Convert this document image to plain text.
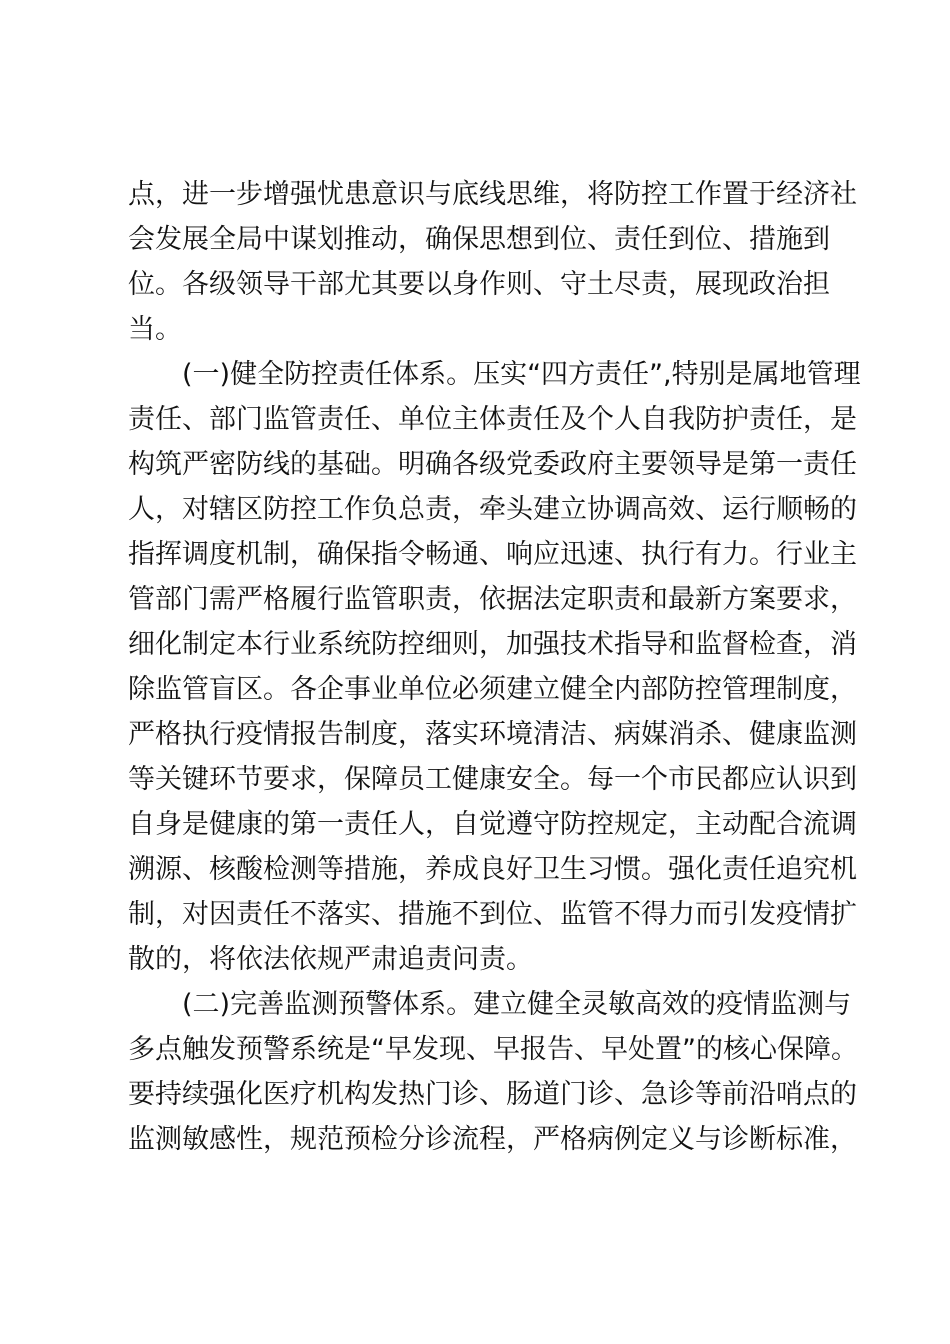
点，进一步增强忧患意识与底线思维，将防控工作置于经济社
会发展全局中谋划推动，确保思想到位、责任到位、措施到
位。各级领导干部尤其要以身作则、守土尽责，展现政治担
当。
(一)健全防控责任体系。压实“四方责任”,特别是属地管理
责任、部门监管责任、单位主体责任及个人自我防护责任，是
构筑严密防线的基础。明确各级党委政府主要领导是第一责任
人，对辖区防控工作负总责，牵头建立协调高效、运行顺畅的
指挥调度机制，确保指令畅通、响应迅速、执行有力。行业主
管部门需严格履行监管职责，依据法定职责和最新方案要求，
细化制定本行业系统防控细则，加强技术指导和监督检查，消
除监管盲区。各企事业单位必须建立健全内部防控管理制度，
严格执行疫情报告制度，落实环境清洁、病媒消杀、健康监测
等关键环节要求，保障员工健康安全。每一个市民都应认识到
自身是健康的第一责任人，自觉遵守防控规定，主动配合流调
溯源、核酸检测等措施，养成良好卫生习惯。强化责任追究机
制，对因责任不落实、措施不到位、监管不得力而引发疫情扩
散的，将依法依规严肃追责问责。
(二)完善监测预警体系。建立健全灵敏高效的疫情监测与
多点触发预警系统是“早发现、早报告、早处置”的核心保障。
要持续强化医疗机构发热门诊、肠道门诊、急诊等前沿哨点的
监测敏感性，规范预检分诊流程，严格病例定义与诊断标准，
